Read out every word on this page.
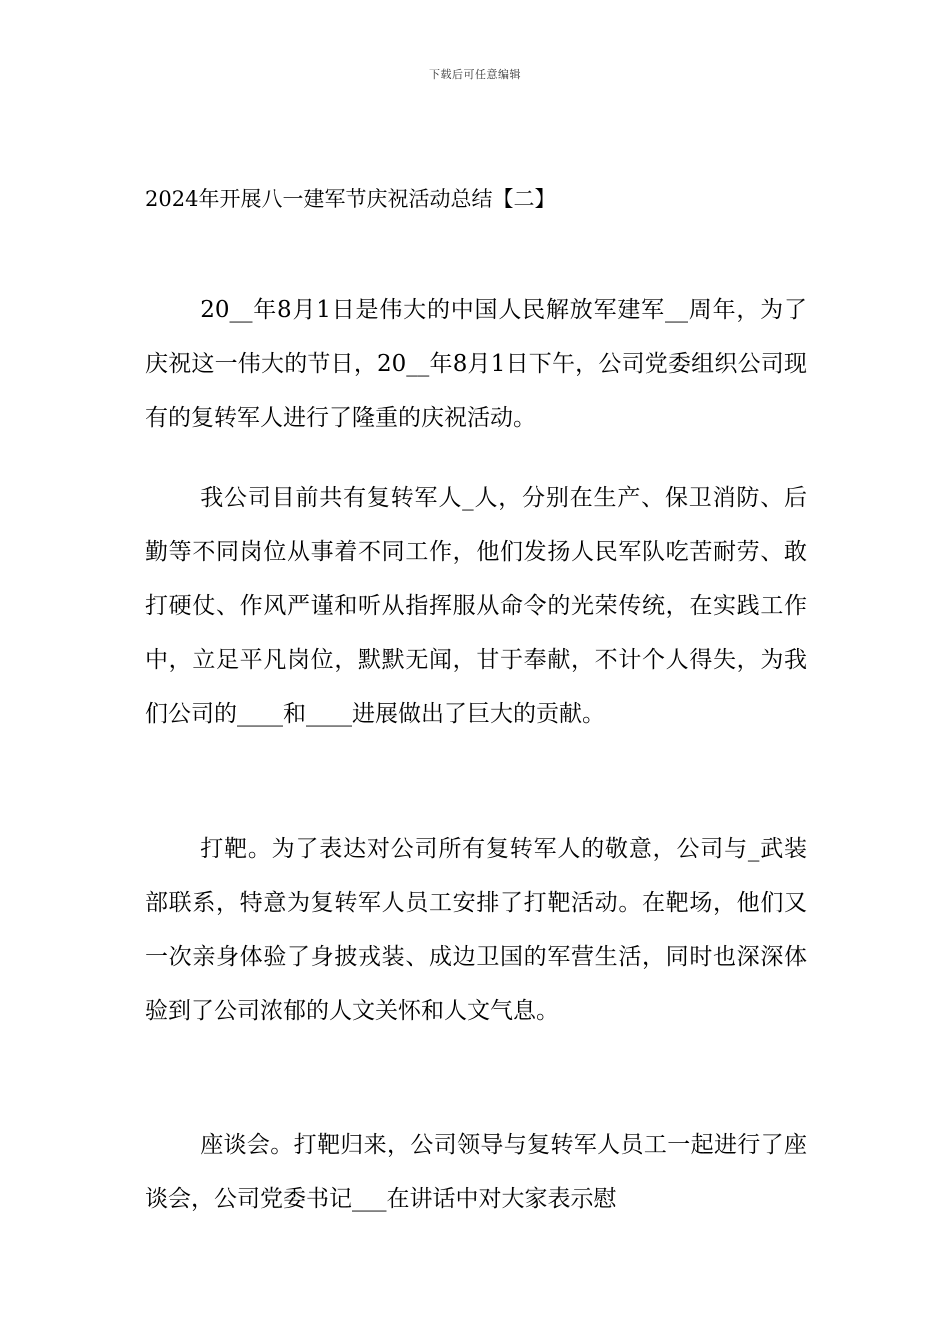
下载后可任意编辑
2024年开展八一建军节庆祝活动总结【二】

20__年8月1日是伟大的中国人民解放军建军__周年，为了庆祝这一伟大的节日，20__年8月1日下午，公司党委组织公司现有的复转军人进行了隆重的庆祝活动。

我公司目前共有复转军人_人，分别在生产、保卫消防、后勤等不同岗位从事着不同工作，他们发扬人民军队吃苦耐劳、敢打硬仗、作风严谨和听从指挥服从命令的光荣传统，在实践工作中，立足平凡岗位，默默无闻，甘于奉献，不计个人得失，为我们公司的____和____进展做出了巨大的贡献。

打靶。为了表达对公司所有复转军人的敬意，公司与_武装部联系，特意为复转军人员工安排了打靶活动。在靶场，他们又一次亲身体验了身披戎装、成边卫国的军营生活，同时也深深体验到了公司浓郁的人文关怀和人文气息。

座谈会。打靶归来，公司领导与复转军人员工一起进行了座谈会，公司党委书记___在讲话中对大家表示慰
